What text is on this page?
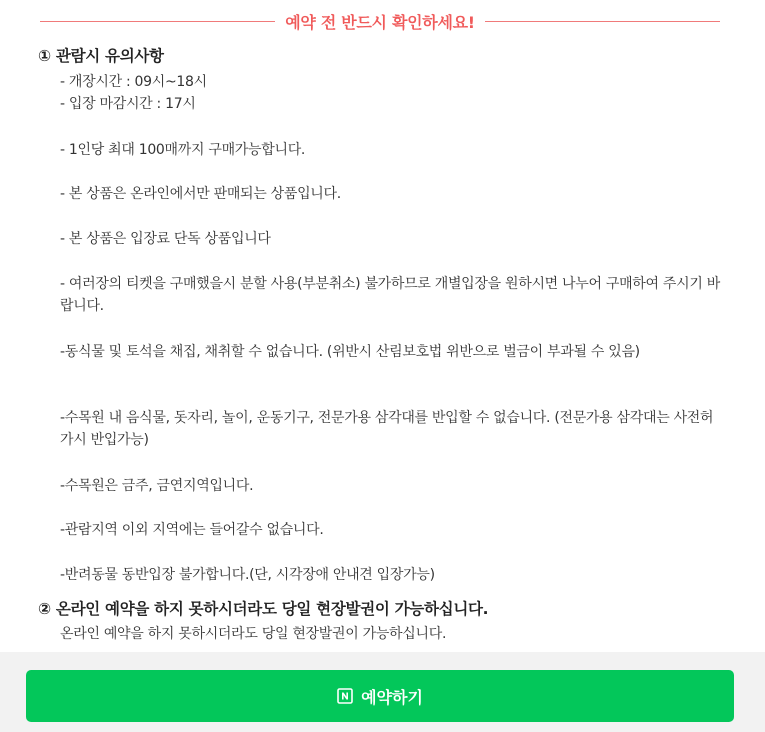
예약 전 반드시 확인하세요!
① 관람시 유의사항
- 개장시간 : 09시~18시
- 입장 마감시간 : 17시
- 1인당 최대 100매까지 구매가능합니다.
- 본 상품은 온라인에서만 판매되는 상품입니다.
- 본 상품은 입장료 단독 상품입니다
- 여러장의 티켓을 구매했을시 분할 사용(부분취소) 불가하므로 개별입장을 원하시면 나누어 구매하여 주시기 바랍니다.
-동식물 및 토석을 채집, 채취할 수 없습니다. (위반시 산림보호법 위반으로 벌금이 부과될 수 있음)
-수목원 내 음식물, 돗자리, 놀이, 운동기구, 전문가용 삼각대를 반입할 수 없습니다. (전문가용 삼각대는 사전허가시 반입가능)
-수목원은 금주, 금연지역입니다.
-관람지역 이외 지역에는 들어갈수 없습니다.
-반려동물 동반입장 불가합니다.(단, 시각장애 안내견 입장가능)
② 온라인 예약을 하지 못하시더라도 당일 현장발권이 가능하십니다.
온라인 예약을 하지 못하시더라도 당일 현장발권이 가능하십니다.
예약하기
